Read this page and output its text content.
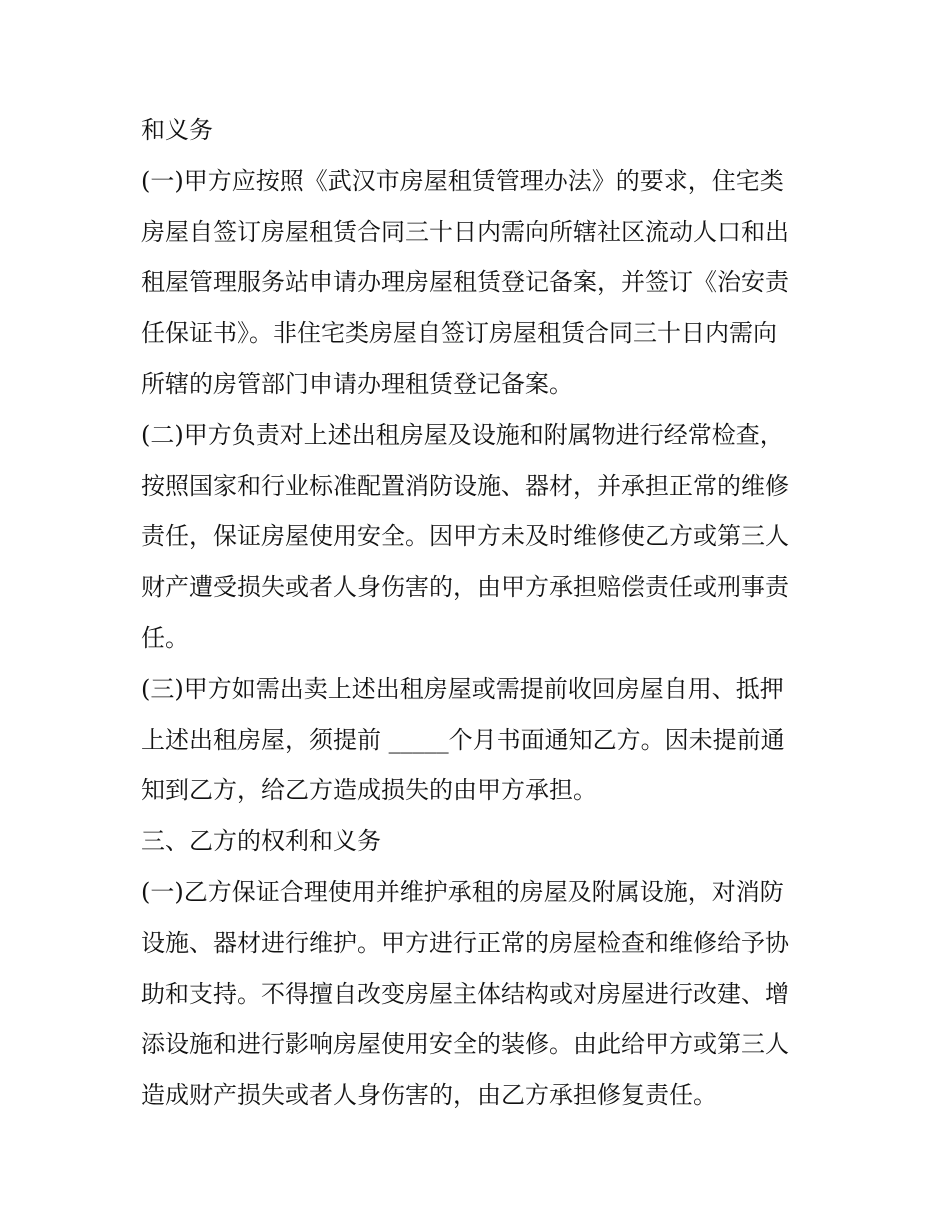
和义务
(一)甲方应按照《武汉市房屋租赁管理办法》的要求，住宅类
房屋自签订房屋租赁合同三十日内需向所辖社区流动人口和出
租屋管理服务站申请办理房屋租赁登记备案，并签订《治安责
任保证书》。非住宅类房屋自签订房屋租赁合同三十日内需向
所辖的房管部门申请办理租赁登记备案。
(二)甲方负责对上述出租房屋及设施和附属物进行经常检查，
按照国家和行业标准配置消防设施、器材，并承担正常的维修
责任，保证房屋使用安全。因甲方未及时维修使乙方或第三人
财产遭受损失或者人身伤害的，由甲方承担赔偿责任或刑事责
任。
(三)甲方如需出卖上述出租房屋或需提前收回房屋自用、抵押
上述出租房屋，须提前 _____个月书面通知乙方。因未提前通
知到乙方，给乙方造成损失的由甲方承担。
三、乙方的权利和义务
(一)乙方保证合理使用并维护承租的房屋及附属设施，对消防
设施、器材进行维护。甲方进行正常的房屋检查和维修给予协
助和支持。不得擅自改变房屋主体结构或对房屋进行改建、增
添设施和进行影响房屋使用安全的装修。由此给甲方或第三人
造成财产损失或者人身伤害的，由乙方承担修复责任。
